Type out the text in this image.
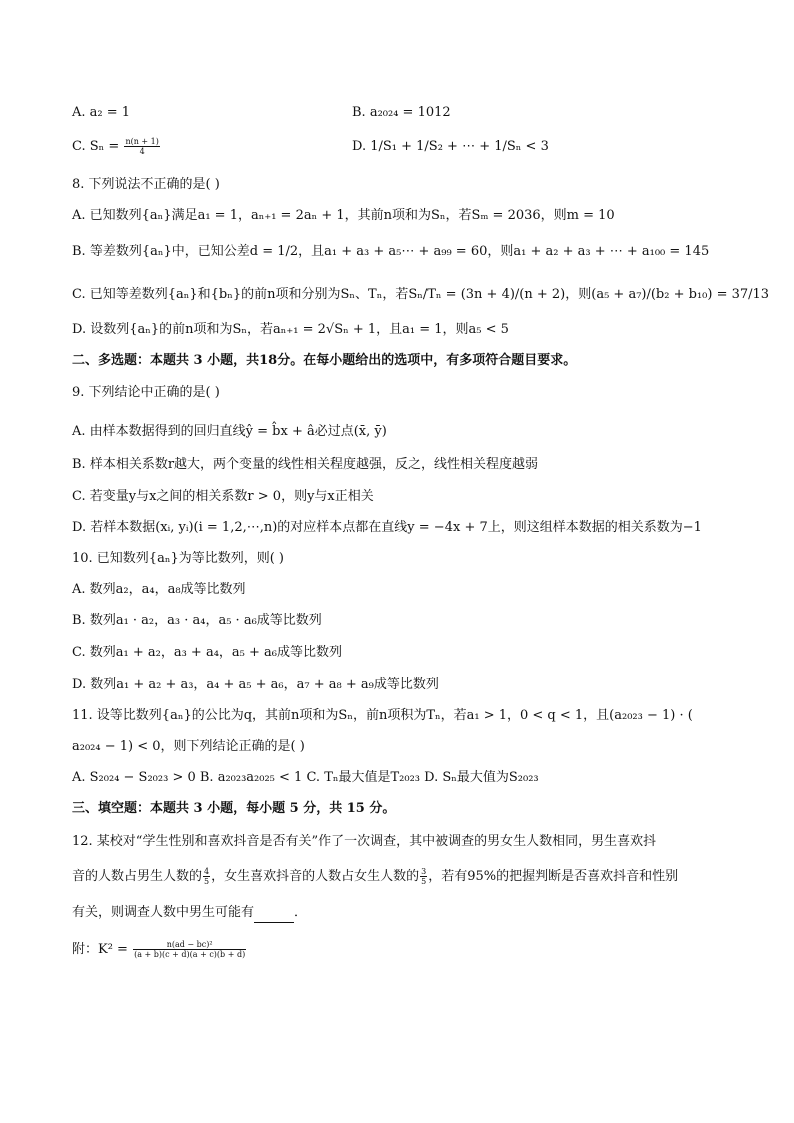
A. a₂ = 1	B. a₂₀₂₄ = 1012
C. $S_n = \frac{n(n + 1)}{4}$	D. 1/S₁ + 1/S₂ + ⋯ + 1/Sₙ < 3
8. 下列说法不正确的是( )
A. 已知数列{aₙ}满足a₁ = 1，aₙ₊₁ = 2aₙ + 1，其前n项和为Sₙ，若Sₘ = 2036，则m = 10
B. 等差数列{aₙ}中，已知公差d = 1/2，且a₁ + a₃ + a₅⋯ + a₉₉ = 60，则a₁ + a₂ + a₃ + ⋯ + a₁₀₀ = 145
C. 已知等差数列{aₙ}和{bₙ}的前n项和分别为Sₙ、Tₙ，若Sₙ/Tₙ = (3n + 4)/(n + 2)，则(a₅ + a₇)/(b₂ + b₁₀) = 37/13
D. 设数列{aₙ}的前n项和为Sₙ，若aₙ₊₁ = 2√Sₙ + 1，且a₁ = 1，则a₅ < 5
二、多选题：本题共 3 小题，共18分。在每小题给出的选项中，有多项符合题目要求。
9. 下列结论中正确的是( )
A. 由样本数据得到的回归直线ŷ = b̂x + â必过点(x̄, ȳ)
B. 样本相关系数r越大，两个变量的线性相关程度越强，反之，线性相关程度越弱
C. 若变量y与x之间的相关系数r > 0，则y与x正相关
D. 若样本数据(xᵢ, yᵢ)(i = 1,2,⋯,n)的对应样本点都在直线y = −4x + 7上，则这组样本数据的相关系数为−1
10. 已知数列{aₙ}为等比数列，则( )
A. 数列a₂，a₄，a₈成等比数列
B. 数列a₁ · a₂，a₃ · a₄，a₅ · a₆成等比数列
C. 数列a₁ + a₂，a₃ + a₄，a₅ + a₆成等比数列
D. 数列a₁ + a₂ + a₃，a₄ + a₅ + a₆，a₇ + a₈ + a₉成等比数列
11. 设等比数列{aₙ}的公比为q，其前n项和为Sₙ，前n项积为Tₙ，若a₁ > 1，0 < q < 1，且(a₂₀₂₃ − 1) · (
a₂₀₂₄ − 1) < 0，则下列结论正确的是( )
A. S₂₀₂₄ − S₂₀₂₃ > 0 B. a₂₀₂₃a₂₀₂₅ < 1 C. Tₙ最大值是T₂₀₂₃ D. Sₙ最大值为S₂₀₂₃
三、填空题：本题共 3 小题，每小题 5 分，共 15 分。
12. 某校对“学生性别和喜欢抖音是否有关”作了一次调查，其中被调查的男女生人数相同，男生喜欢抖
音的人数占男生人数的 $\frac{4}{5}$ ，女生喜欢抖音的人数占女生人数的 $\frac{3}{5}$ ，若有95%的把握判断是否喜欢抖音和性别
有关，则调查人数中男生可能有	．
附：$K^2 = \frac{\text{n(ad − bc)²}}{(a + b)(c + d)(a + c)(b + d)}$
